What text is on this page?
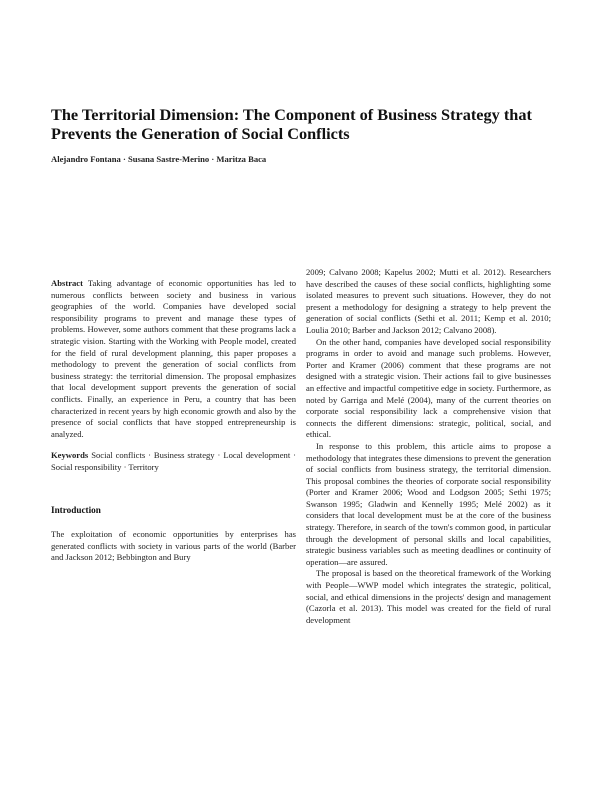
The Territorial Dimension: The Component of Business Strategy that Prevents the Generation of Social Conflicts

Alejandro Fontana · Susana Sastre-Merino · Maritza Baca

Abstract Taking advantage of economic opportunities has led to numerous conflicts between society and business in various geographies of the world. Companies have developed social responsibility programs to prevent and manage these types of problems. However, some authors comment that these programs lack a strategic vision. Starting with the Working with People model, created for the field of rural development planning, this paper proposes a methodology to prevent the generation of social conflicts from business strategy: the territorial dimension. The proposal emphasizes that local development support prevents the generation of social conflicts. Finally, an experience in Peru, a country that has been characterized in recent years by high economic growth and also by the presence of social conflicts that have stopped entrepreneurship is analyzed.

Keywords Social conflicts · Business strategy · Local development · Social responsibility · Territory

Introduction

The exploitation of economic opportunities by enterprises has generated conflicts with society in various parts of the world (Barber and Jackson 2012; Bebbington and Bury

2009; Calvano 2008; Kapelus 2002; Mutti et al. 2012). Researchers have described the causes of these social conflicts, highlighting some isolated measures to prevent such situations. However, they do not present a methodology for designing a strategy to help prevent the generation of social conflicts (Sethi et al. 2011; Kemp et al. 2010; Loulia 2010; Barber and Jackson 2012; Calvano 2008).

On the other hand, companies have developed social responsibility programs in order to avoid and manage such problems. However, Porter and Kramer (2006) comment that these programs are not designed with a strategic vision. Their actions fail to give businesses an effective and impactful competitive edge in society. Furthermore, as noted by Garriga and Melé (2004), many of the current theories on corporate social responsibility lack a comprehensive vision that connects the different dimensions: strategic, political, social, and ethical.

In response to this problem, this article aims to propose a methodology that integrates these dimensions to prevent the generation of social conflicts from business strategy, the territorial dimension. This proposal combines the theories of corporate social responsibility (Porter and Kramer 2006; Wood and Lodgson 2005; Sethi 1975; Swanson 1995; Gladwin and Kennelly 1995; Melé 2002) as it considers that local development must be at the core of the business strategy. Therefore, in search of the town's common good, in particular through the development of personal skills and local capabilities, strategic business variables such as meeting deadlines or continuity of operation—are assured.

The proposal is based on the theoretical framework of the Working with People—WWP model which integrates the strategic, political, social, and ethical dimensions in the projects' design and management (Cazorla et al. 2013). This model was created for the field of rural development
